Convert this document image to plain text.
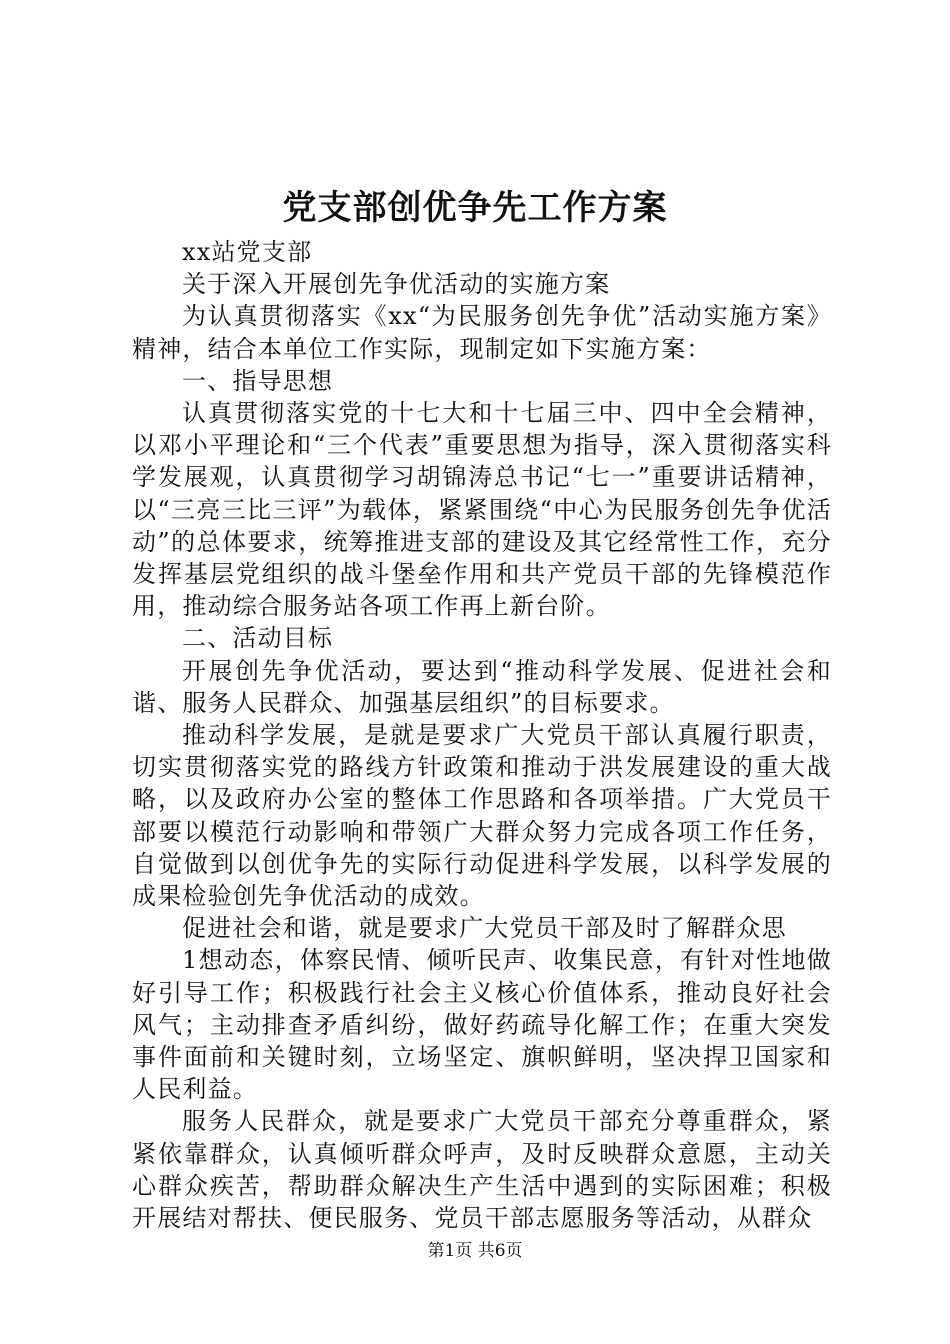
党支部创优争先工作方案

xx站党支部

关于深入开展创先争优活动的实施方案

为认真贯彻落实《xx“为民服务创先争优”活动实施方案》精神，结合本单位工作实际，现制定如下实施方案：

一、指导思想

认真贯彻落实党的十七大和十七届三中、四中全会精神，以邓小平理论和“三个代表”重要思想为指导，深入贯彻落实科学发展观，认真贯彻学习胡锦涛总书记“七一”重要讲话精神，以“三亮三比三评”为载体，紧紧围绕“中心为民服务创先争优活动”的总体要求，统筹推进支部的建设及其它经常性工作，充分发挥基层党组织的战斗堡垒作用和共产党员干部的先锋模范作用，推动综合服务站各项工作再上新台阶。

二、活动目标

开展创先争优活动，要达到“推动科学发展、促进社会和谐、服务人民群众、加强基层组织”的目标要求。

推动科学发展，是就是要求广大党员干部认真履行职责，切实贯彻落实党的路线方针政策和推动于洪发展建设的重大战略，以及政府办公室的整体工作思路和各项举措。广大党员干部要以模范行动影响和带领广大群众努力完成各项工作任务，自觉做到以创优争先的实际行动促进科学发展，以科学发展的成果检验创先争优活动的成效。

促进社会和谐，就是要求广大党员干部及时了解群众思

1想动态，体察民情、倾听民声、收集民意，有针对性地做好引导工作；积极践行社会主义核心价值体系，推动良好社会风气；主动排查矛盾纠纷，做好药疏导化解工作；在重大突发事件面前和关键时刻，立场坚定、旗帜鲜明，坚决捍卫国家和人民利益。

服务人民群众，就是要求广大党员干部充分尊重群众，紧紧依靠群众，认真倾听群众呼声，及时反映群众意愿，主动关心群众疾苦，帮助群众解决生产生活中遇到的实际困难；积极开展结对帮扶、便民服务、党员干部志愿服务等活动，从群众

第1页 共6页
